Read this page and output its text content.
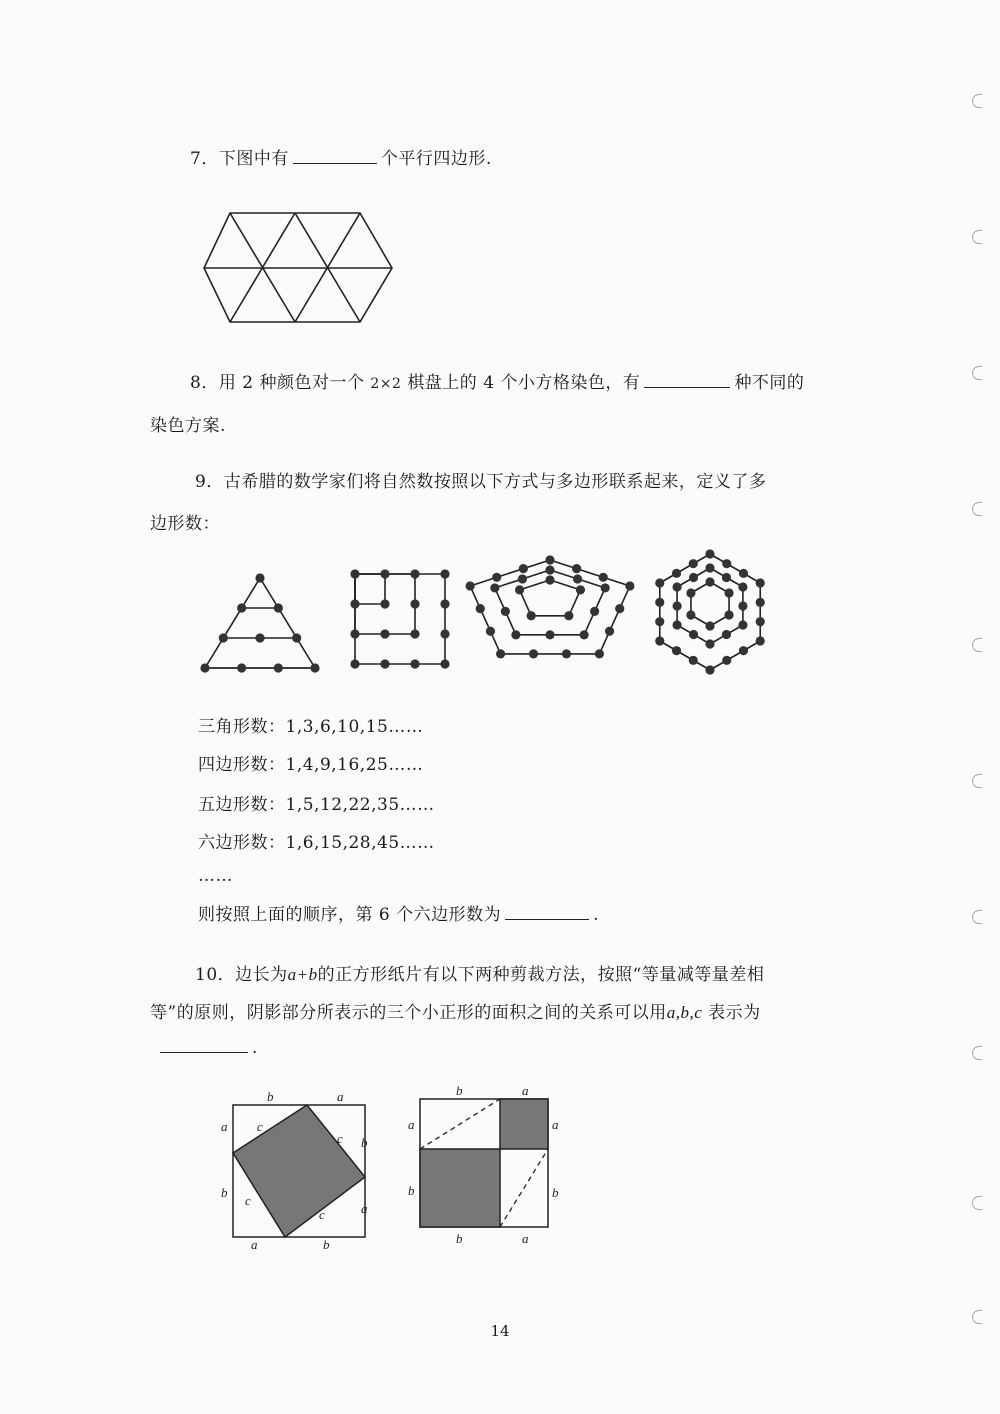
7．下图中有	个平行四边形.
8．用 2 种颜色对一个 2×2 棋盘上的 4 个小方格染色，有	种不同的
染色方案.
9．古希腊的数学家们将自然数按照以下方式与多边形联系起来，定义了多
边形数：
三角形数：1,3,6,10,15……
四边形数：1,4,9,16,25……
五边形数：1,5,12,22,35……
六边形数：1,6,15,28,45……
……
则按照上面的顺序，第 6 个六边形数为	.
10．边长为a+b的正方形纸片有以下两种剪裁方法，按照“等量减等量差相
等”的原则，阴影部分所表示的三个小正形的面积之间的关系可以用a,b,c 表示为
.
b	a
a
b
b
a
a	b
c
c
c
c
b	a
a
b
a
b
b	a
14
